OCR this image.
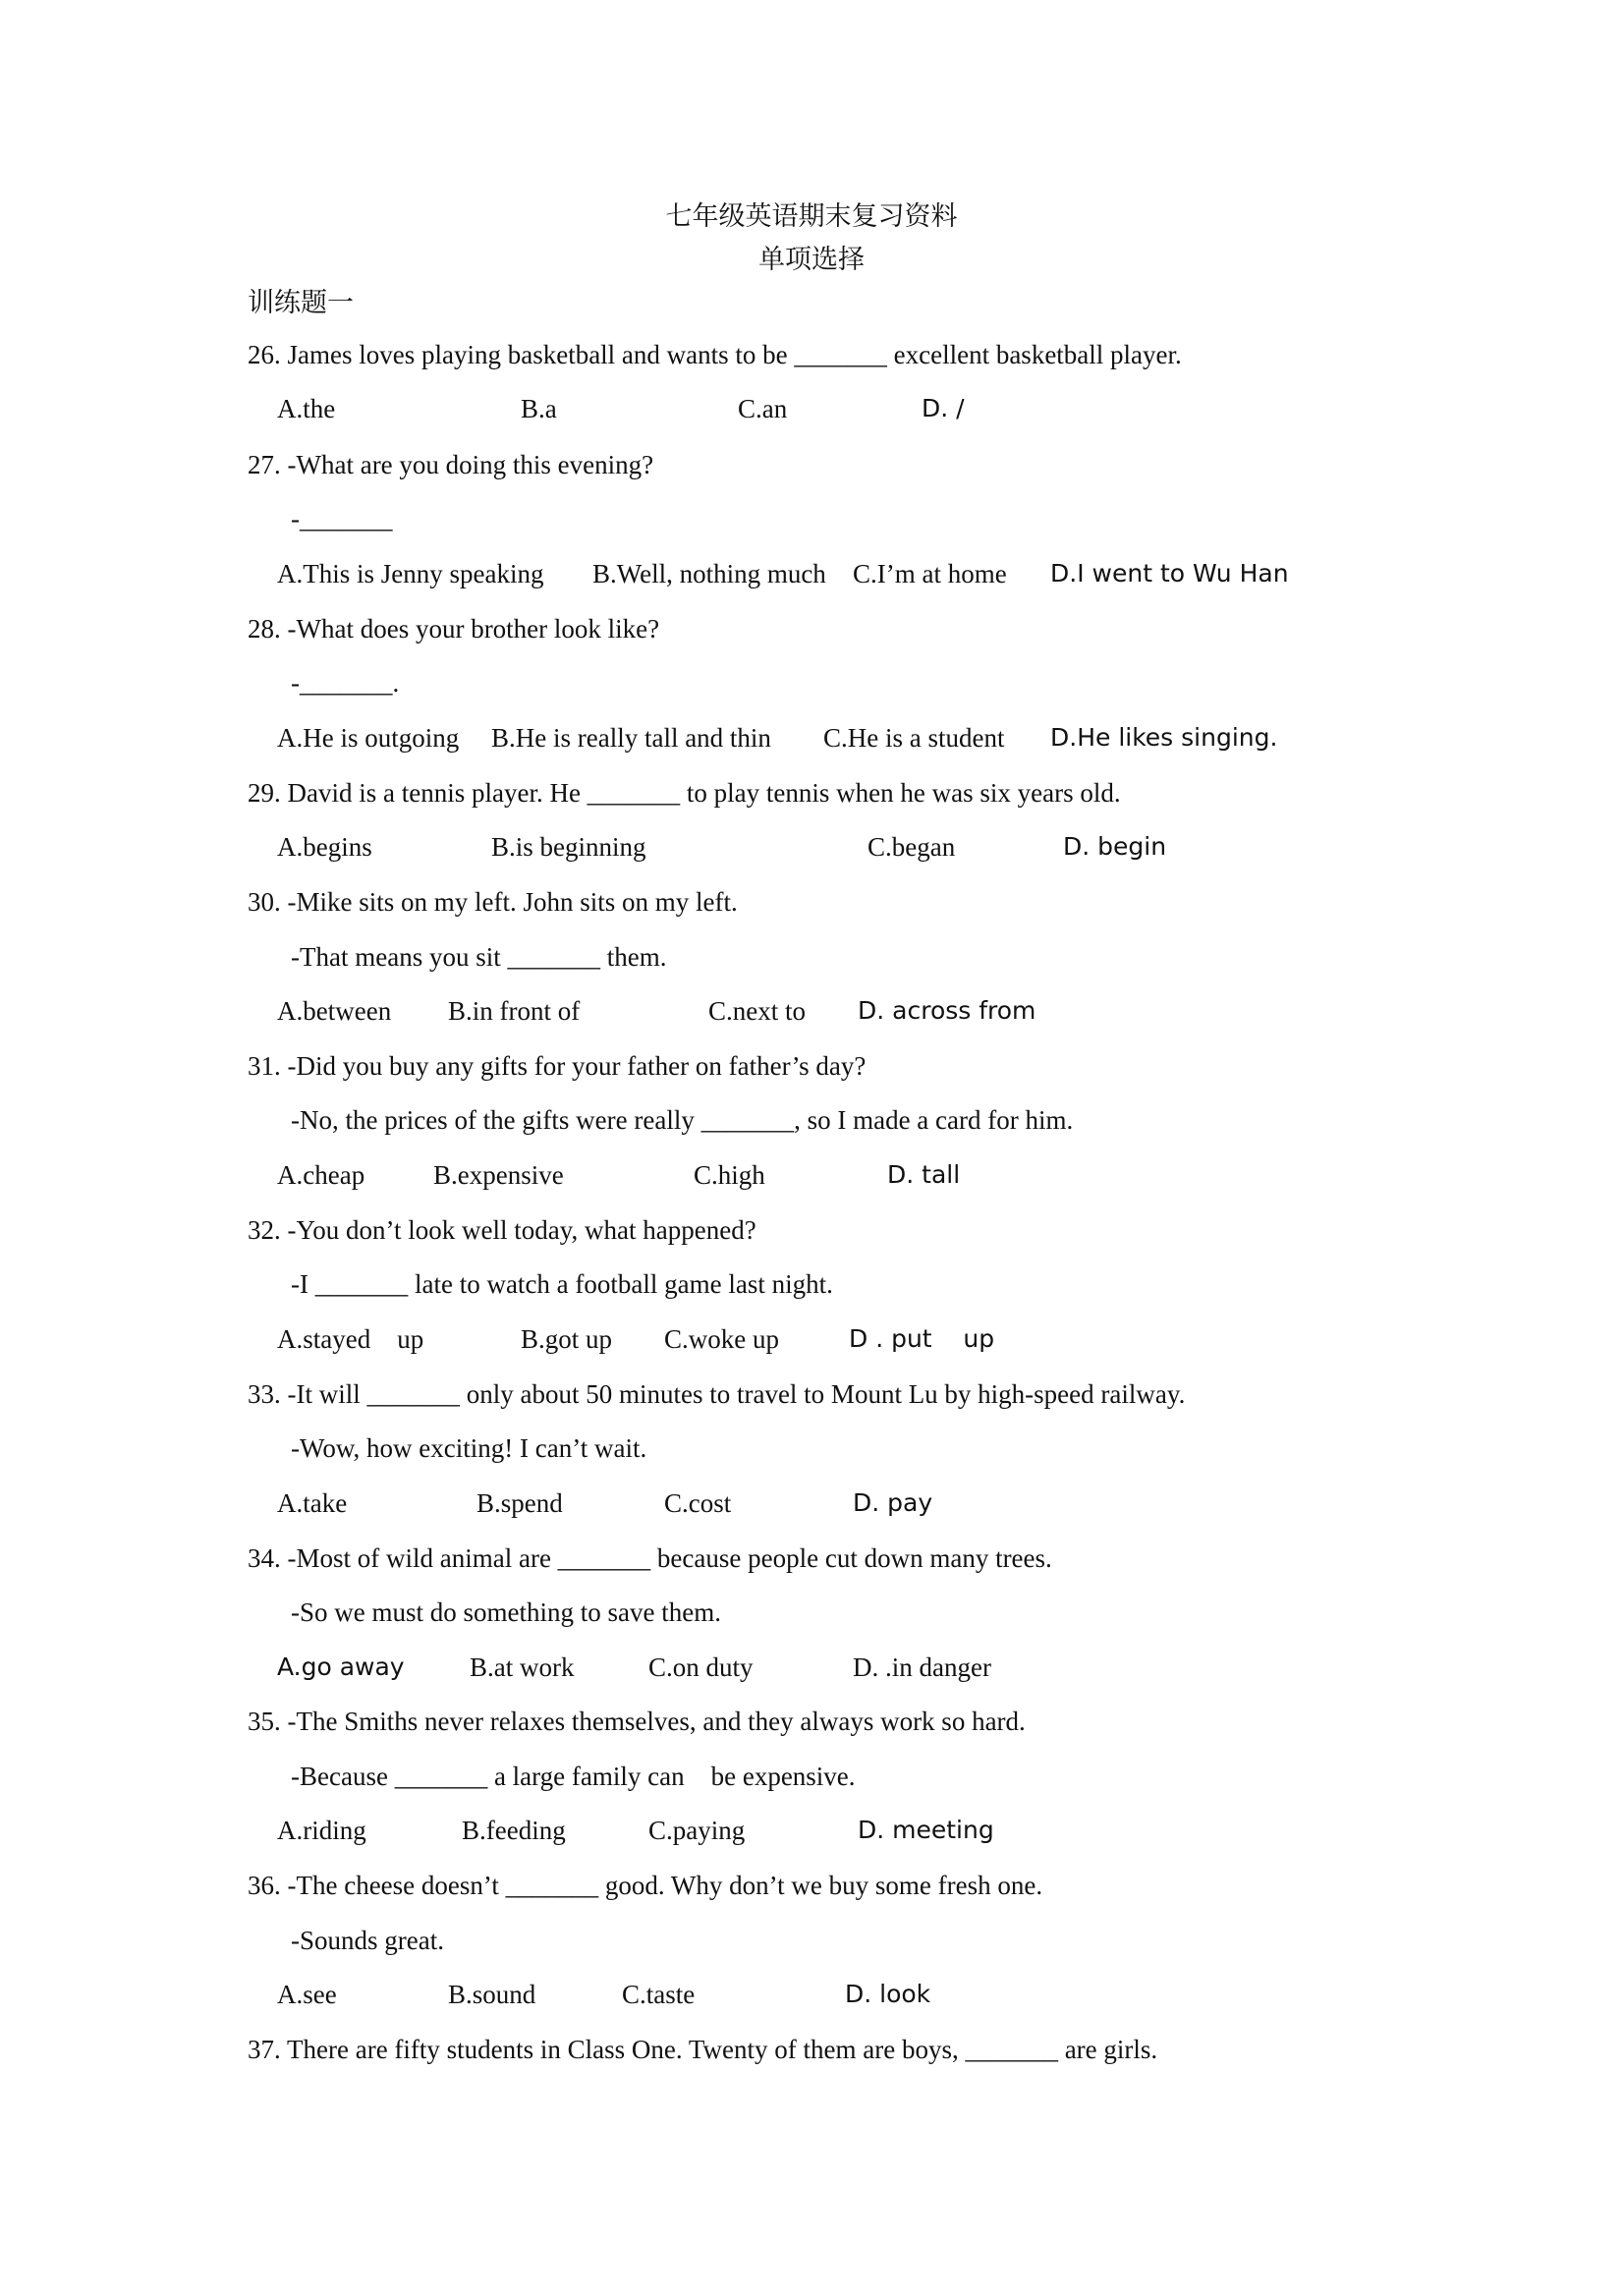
七年级英语期末复习资料
单项选择
训练题一
26. James loves playing basketball and wants to be _______ excellent basketball player.
A.the	B.a	C.an	D. /
27. -What are you doing this evening?
-_______
A.This is Jenny speaking B.Well, nothing much C.I’m at home D.I went to Wu Han
28. -What does your brother look like?
-_______.
A.He is outgoing B.He is really tall and thin C.He is a student D.He likes singing.
29. David is a tennis player. He _______ to play tennis when he was six years old.
A.begins	B.is beginning	C.began	D. begin
30. -Mike sits on my left. John sits on my left.
-That means you sit _______ them.
A.between B.in front of	C.next to D. across from
31. -Did you buy any gifts for your father on father’s day?
-No, the prices of the gifts were really _______, so I made a card for him.
A.cheap	B.expensive	C.high	D. tall
32. -You don’t look well today, what happened?
-I _______ late to watch a football game last night.
A.stayed    up	B.got up C.woke up	D . put    up
33. -It will _______ only about 50 minutes to travel to Mount Lu by high-speed railway.
-Wow, how exciting! I can’t wait.
A.take	B.spend	C.cost	D. pay
34. -Most of wild animal are _______ because people cut down many trees.
-So we must do something to save them.
A.go away B.at work	C.on duty	D. .in danger
35. -The Smiths never relaxes themselves, and they always work so hard.
-Because _______ a large family can    be expensive.
A.riding	B.feeding	C.paying	D. meeting
36. -The cheese doesn’t _______ good. Why don’t we buy some fresh one.
-Sounds great.
A.see	B.sound	C.taste	D. look
37. There are fifty students in Class One. Twenty of them are boys, _______ are girls.
